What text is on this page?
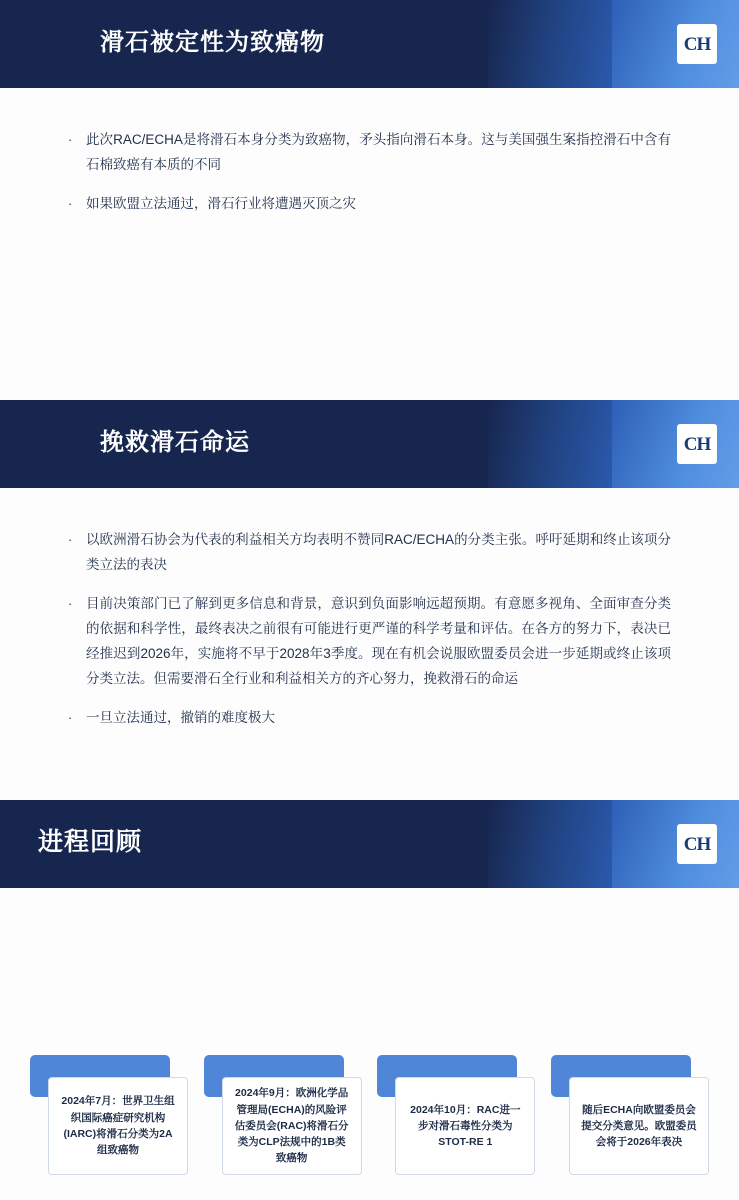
滑石被定性为致癌物	CH
·	此次RAC/ECHA是将滑石本身分类为致癌物，矛头指向滑石本身。这与美国强生案指控滑石中含有石棉致癌有本质的不同
·	如果欧盟立法通过，滑石行业将遭遇灭顶之灾
挽救滑石命运	CH
·	以欧洲滑石协会为代表的利益相关方均表明不赞同RAC/ECHA的分类主张。呼吁延期和终止该项分类立法的表决
·	目前决策部门已了解到更多信息和背景，意识到负面影响远超预期。有意愿多视角、全面审查分类的依据和科学性，最终表决之前很有可能进行更严谨的科学考量和评估。在各方的努力下，表决已经推迟到2026年，实施将不早于2028年3季度。现在有机会说服欧盟委员会进一步延期或终止该项分类立法。但需要滑石全行业和利益相关方的齐心努力，挽救滑石的命运
·	一旦立法通过，撤销的难度极大
进程回顾	CH
2024年7月：世界卫生组织国际癌症研究机构(IARC)将滑石分类为2A组致癌物
2024年9月：欧洲化学品管理局(ECHA)的风险评估委员会(RAC)将滑石分类为CLP法规中的1B类致癌物
2024年10月：RAC进一步对滑石毒性分类为STOT-RE 1
随后ECHA向欧盟委员会提交分类意见。欧盟委员会将于2026年表决
